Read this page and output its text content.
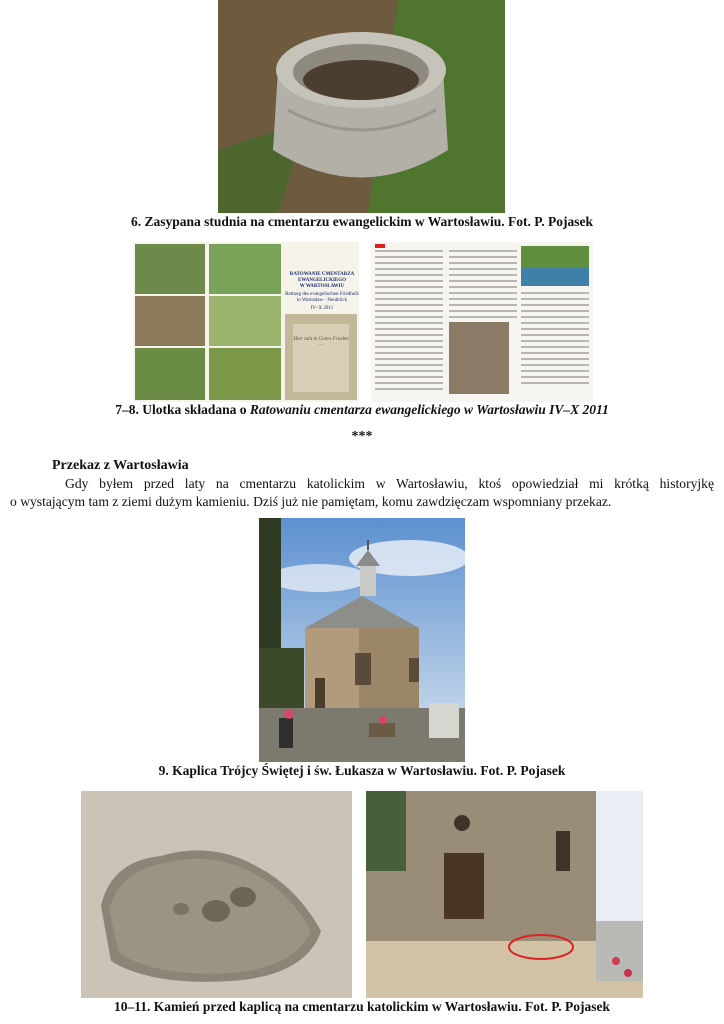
6. Zasypana studnia na cmentarzu ewangelickim w Wartosławiu. Fot. P. Pojasek
RATOWANIE CMENTARZA
EWANGELICKIEGO
W WARTOSŁAWIU
Rettung des evangelischen Friedhofs in Wartosław - Neubrück
IV–X 2011
Hier ruht in Gottes Frieden ...
7–8. Ulotka składana o Ratowaniu cmentarza ewangelickiego w Wartosławiu IV–X 2011
***
Przekaz z Wartosławia
Gdy byłem przed laty na cmentarzu katolickim w Wartosławiu, ktoś opowiedział mi krótką historyjkę
o wystającym tam z ziemi dużym kamieniu. Dziś już nie pamiętam, komu zawdzięczam wspomniany przekaz.
9. Kaplica Trójcy Świętej i św. Łukasza w Wartosławiu. Fot. P. Pojasek
10–11. Kamień przed kaplicą na cmentarzu katolickim w Wartosławiu. Fot. P. Pojasek
